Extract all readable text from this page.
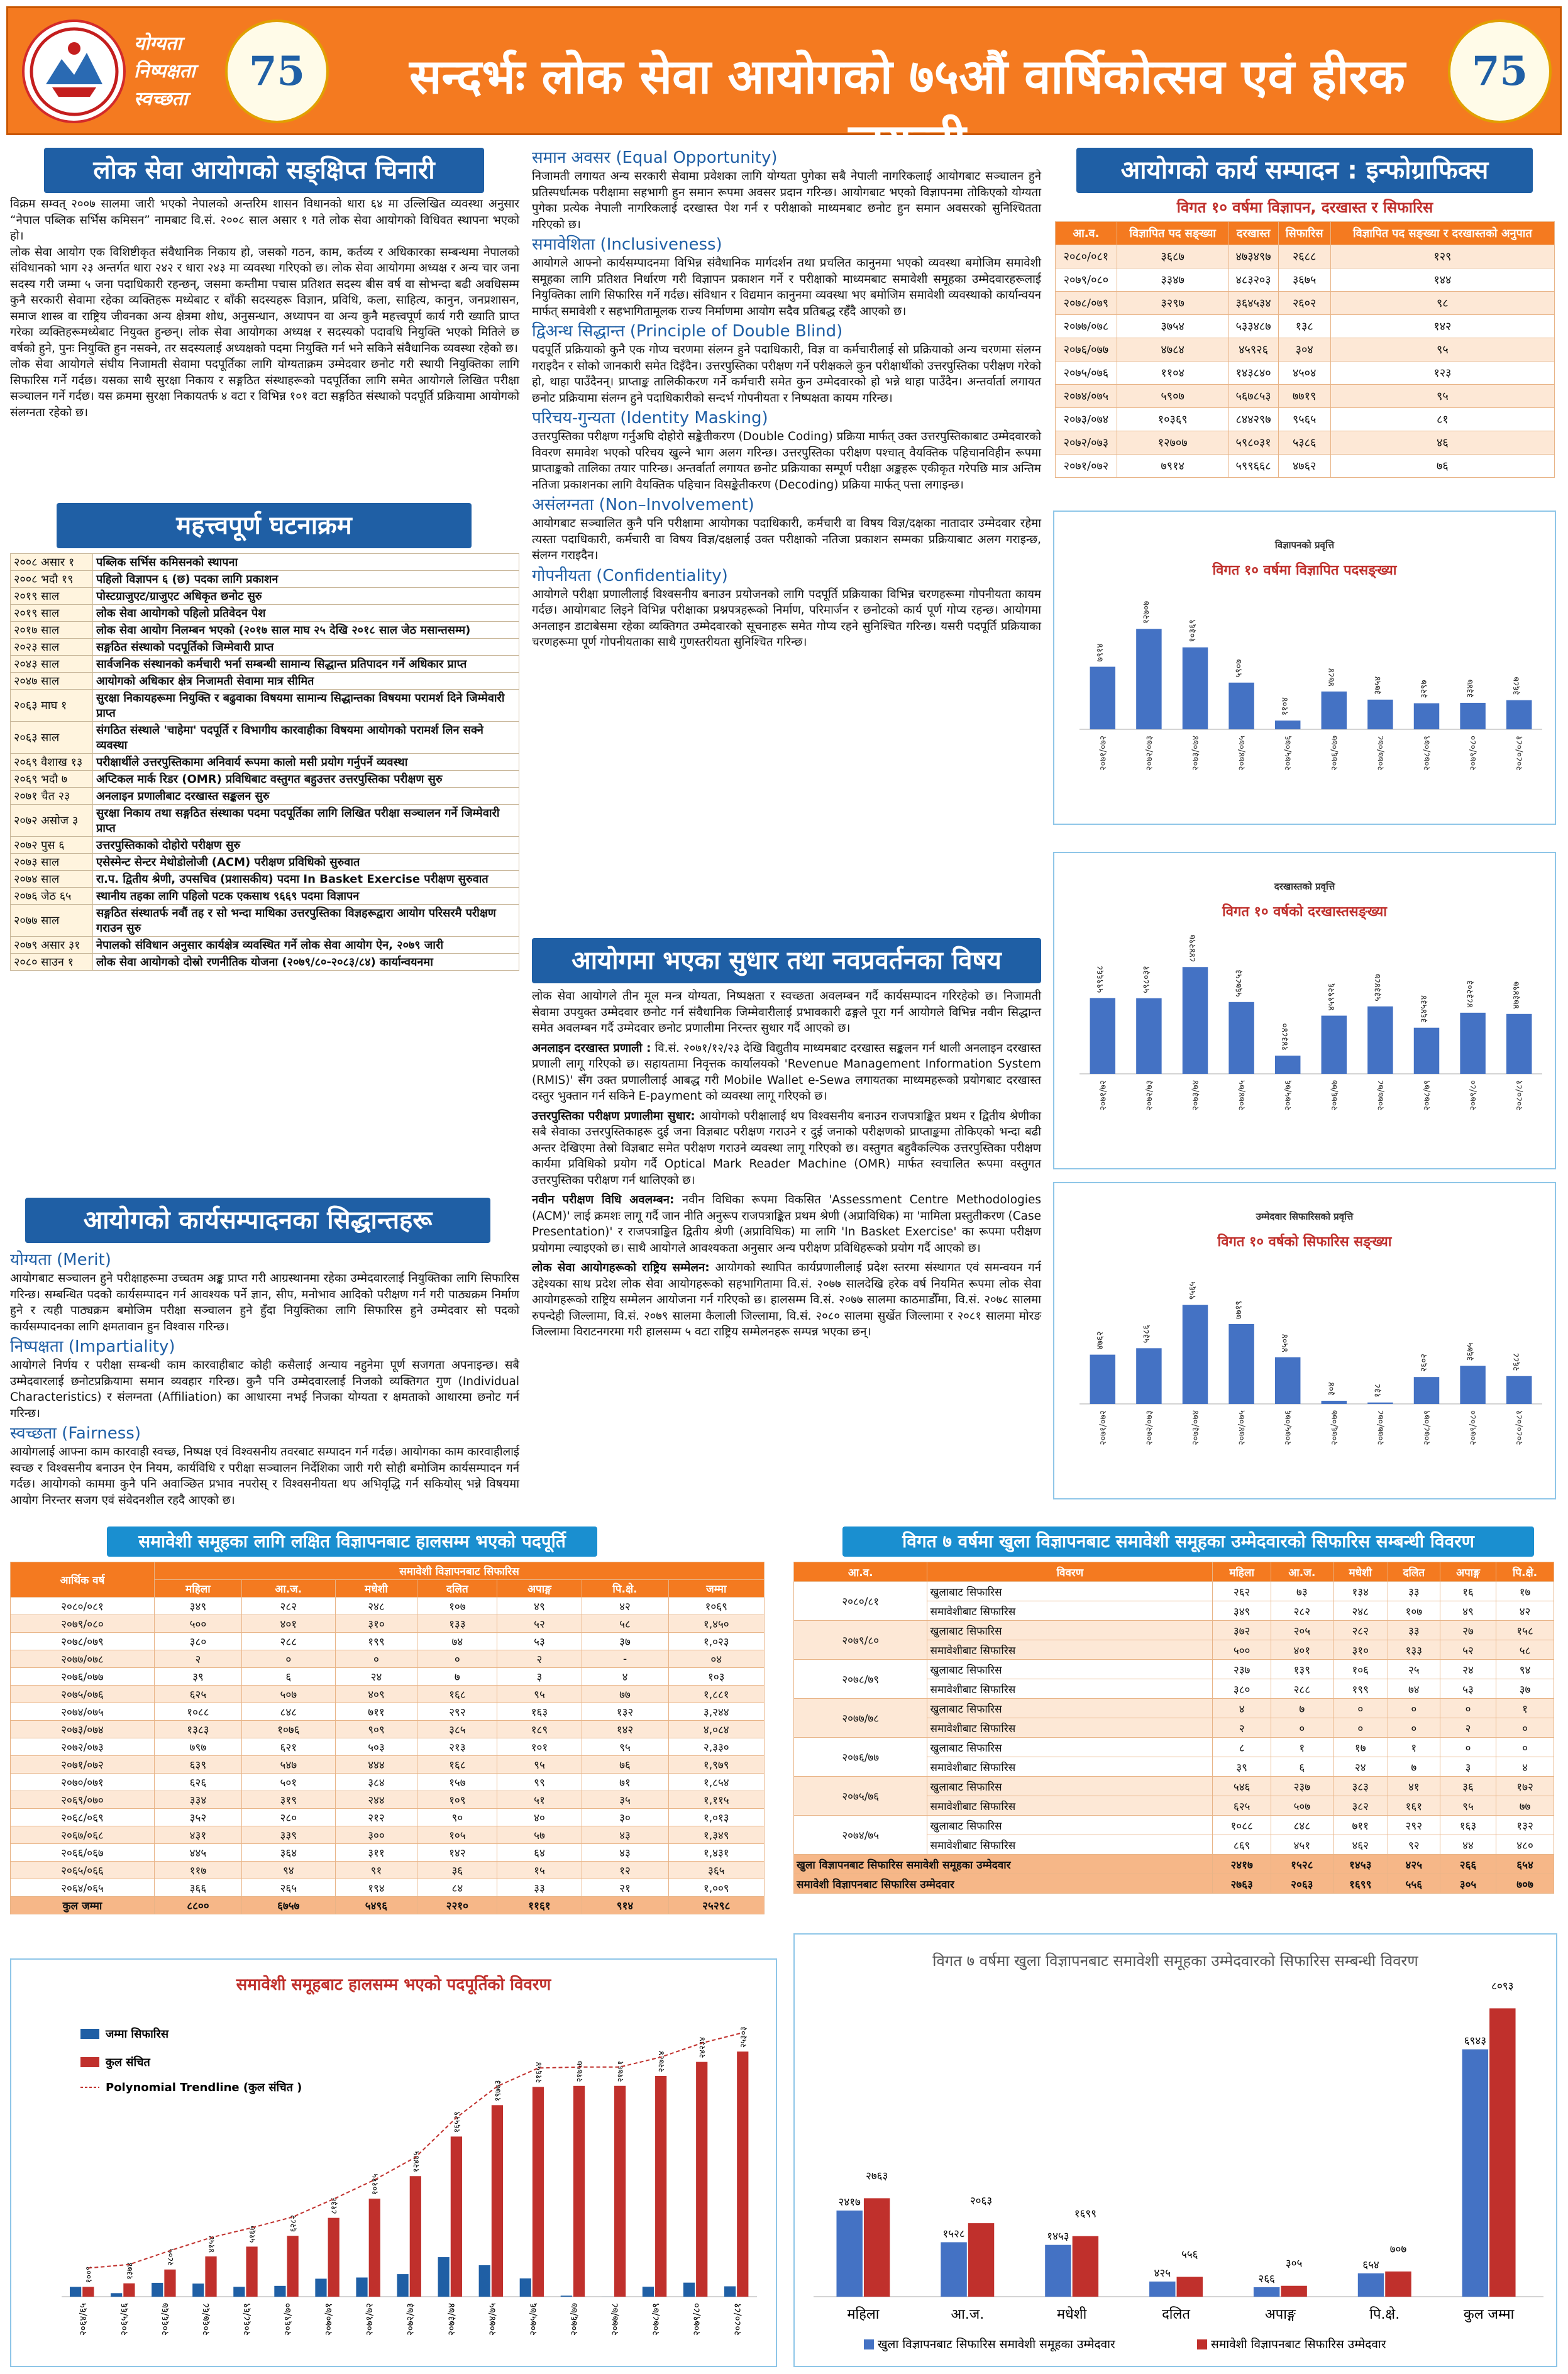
योग्यता
निष्पक्षता
स्वच्छता
75	सन्दर्भः लोक सेवा आयोगको ७५औं वार्षिकोत्सव एवं हीरक जयन्ती
75
लोक सेवा आयोगको सङ्क्षिप्त चिनारी

विक्रम सम्वत् २००७ सालमा जारी भएको नेपालको अन्तरिम शासन विधानको धारा ६४ मा उल्लिखित व्यवस्था अनुसार “नेपाल पब्लिक सर्भिस कमिसन” नामबाट वि.सं. २००८ साल असार १ गते लोक सेवा आयोगको विधिवत स्थापना भएको हो।

लोक सेवा आयोग एक विशिष्टीकृत संवैधानिक निकाय हो, जसको गठन, काम, कर्तव्य र अधिकारका सम्बन्धमा नेपालको संविधानको भाग २३ अन्तर्गत धारा २४२ र धारा २४३ मा व्यवस्था गरिएको छ। लोक सेवा आयोगमा अध्यक्ष र अन्य चार जना सदस्य गरी जम्मा ५ जना पदाधिकारी रहन्छन्, जसमा कम्तीमा पचास प्रतिशत सदस्य बीस वर्ष वा सोभन्दा बढी अवधिसम्म कुनै सरकारी सेवामा रहेका व्यक्तिहरू मध्येबाट र बाँकी सदस्यहरू विज्ञान, प्रविधि, कला, साहित्य, कानुन, जनप्रशासन, समाज शास्त्र वा राष्ट्रिय जीवनका अन्य क्षेत्रमा शोध, अनुसन्धान, अध्यापन वा अन्य कुनै महत्त्वपूर्ण कार्य गरी ख्याति प्राप्त गरेका व्यक्तिहरूमध्येबाट नियुक्त हुन्छन्। लोक सेवा आयोगका अध्यक्ष र सदस्यको पदावधि नियुक्ति भएको मितिले छ वर्षको हुने, पुनः नियुक्ति हुन नसक्ने, तर सदस्यलाई अध्यक्षको पदमा नियुक्ति गर्न भने सकिने संवैधानिक व्यवस्था रहेको छ।

लोक सेवा आयोगले संघीय निजामती सेवामा पदपूर्तिका लागि योग्यताक्रम उम्मेदवार छनोट गरी स्थायी नियुक्तिका लागि सिफारिस गर्ने गर्दछ। यसका साथै सुरक्षा निकाय र सङ्गठित संस्थाहरूको पदपूर्तिका लागि समेत आयोगले लिखित परीक्षा सञ्चालन गर्ने गर्दछ। यस क्रममा सुरक्षा निकायतर्फ ४ वटा र विभिन्न १०१ वटा सङ्गठित संस्थाको पदपूर्ति प्रक्रियामा आयोगको संलग्नता रहेको छ।

महत्त्वपूर्ण घटनाक्रम
२००८ असार १	पब्लिक सर्भिस कमिसनको स्थापना
२००८ भदौ १९	पहिलो विज्ञापन ६ (छ) पदका लागि प्रकाशन
२०१९ साल	पोस्टग्राजुएट/ग्राजुएट अधिकृत छनोट सुरु
२०१९ साल	लोक सेवा आयोगको पहिलो प्रतिवेदन पेश
२०१७ साल	लोक सेवा आयोग निलम्बन भएको (२०१७ साल माघ २५ देखि २०१८ साल जेठ मसान्तसम्म)
२०२३ साल	सङ्गठित संस्थाको पदपूर्तिको जिम्मेवारी प्राप्त
२०४३ साल	सार्वजनिक संस्थानको कर्मचारी भर्ना सम्बन्धी सामान्य सिद्धान्त प्रतिपादन गर्ने अधिकार प्राप्त
२०४७ साल	आयोगको अधिकार क्षेत्र निजामती सेवामा मात्र सीमित
२०६३ माघ १	सुरक्षा निकायहरूमा नियुक्ति र बढुवाका विषयमा सामान्य सिद्धान्तका विषयमा परामर्श दिने जिम्मेवारी प्राप्त
२०६३ साल	संगठित संस्थाले 'चाहेमा' पदपूर्ति र विभागीय कारवाहीका विषयमा आयोगको परामर्श लिन सक्ने व्यवस्था
२०६९ वैशाख १३	परीक्षार्थीले उत्तरपुस्तिकामा अनिवार्य रूपमा कालो मसी प्रयोग गर्नुपर्ने व्यवस्था
२०६९ भदौ ७	अप्टिकल मार्क रिडर (OMR) प्रविधिबाट वस्तुगत बहुउत्तर उत्तरपुस्तिका परीक्षण सुरु
२०७१ चैत २३	अनलाइन प्रणालीबाट दरखास्त सङ्कलन सुरु
२०७२ असोज ३	सुरक्षा निकाय तथा सङ्गठित संस्थाका पदमा पदपूर्तिका लागि लिखित परीक्षा सञ्चालन गर्ने जिम्मेवारी प्राप्त
२०७२ पुस ६	उत्तरपुस्तिकाको दोहोरो परीक्षण सुरु
२०७३ साल	एसेस्मेन्ट सेन्टर मेथोडोलोजी (ACM) परीक्षण प्रविधिको सुरुवात
२०७४ साल	रा.प. द्वितीय श्रेणी, उपसचिव (प्रशासकीय) पदमा In Basket Exercise परीक्षण सुरुवात
२०७६ जेठ ६५	स्थानीय तहका लागि पहिलो पटक एकसाथ ९६६९ पदमा विज्ञापन
२०७७ साल	सङ्गठित संस्थातर्फ नवौं तह र सो भन्दा माथिका उत्तरपुस्तिका विज्ञहरूद्वारा आयोग परिसरमै परीक्षण गराउन सुरु
२०७९ असार ३१	नेपालको संविधान अनुसार कार्यक्षेत्र व्यवस्थित गर्ने लोक सेवा आयोग ऐन, २०७९ जारी
२०८० साउन १	लोक सेवा आयोगको दोस्रो रणनीतिक योजना (२०७९/८०-२०८३/८४) कार्यान्वयनमा
आयोगको कार्यसम्पादनका सिद्धान्तहरू
योग्यता (Merit)

आयोगबाट सञ्चालन हुने परीक्षाहरूमा उच्चतम अङ्क प्राप्त गरी आग्रस्थानमा रहेका उम्मेदवारलाई नियुक्तिका लागि सिफारिस गरिन्छ। सम्बन्धित पदको कार्यसम्पादन गर्न आवश्यक पर्ने ज्ञान, सीप, मनोभाव आदिको परीक्षण गर्न गरी पाठ्यक्रम निर्माण हुने र त्यही पाठ्यक्रम बमोजिम परीक्षा सञ्चालन हुने हुँदा नियुक्तिका लागि सिफारिस हुने उम्मेदवार सो पदको कार्यसम्पादनका लागि क्षमतावान हुन विश्वास गरिन्छ।

निष्पक्षता (Impartiality)

आयोगले निर्णय र परीक्षा सम्बन्धी काम कारवाहीबाट कोही कसैलाई अन्याय नहुनेमा पूर्ण सजगता अपनाइन्छ। सबै उम्मेदवारलाई छनोटप्रक्रियामा समान व्यवहार गरिन्छ। कुनै पनि उम्मेदवारलाई निजको व्यक्तिगत गुण (Individual Characteristics) र संलग्नता (Affiliation) का आधारमा नभई निजका योग्यता र क्षमताको आधारमा छनोट गर्न गरिन्छ।

स्वच्छता (Fairness)

आयोगलाई आफ्ना काम कारवाही स्वच्छ, निष्पक्ष एवं विश्वसनीय तवरबाट सम्पादन गर्न गर्दछ। आयोगका काम कारवाहीलाई स्वच्छ र विश्वसनीय बनाउन ऐन नियम, कार्यविधि र परीक्षा सञ्चालन निर्देशिका जारी गरी सोही बमोजिम कार्यसम्पादन गर्न गर्दछ। आयोगको काममा कुनै पनि अवाञ्छित प्रभाव नपरोस् र विश्वसनीयता थप अभिवृद्धि गर्न सकियोस् भन्ने विषयमा आयोग निरन्तर सजग एवं संवेदनशील रहदै आएको छ।

समान अवसर (Equal Opportunity)

निजामती लगायत अन्य सरकारी सेवामा प्रवेशका लागि योग्यता पुगेका सबै नेपाली नागरिकलाई आयोगबाट सञ्चालन हुने प्रतिस्पर्धात्मक परीक्षामा सहभागी हुन समान रूपमा अवसर प्रदान गरिन्छ। आयोगबाट भएको विज्ञापनमा तोकिएको योग्यता पुगेका प्रत्येक नेपाली नागरिकलाई दरखास्त पेश गर्न र परीक्षाको माध्यमबाट छनोट हुन समान अवसरको सुनिश्चितता गरिएको छ।

समावेशिता (Inclusiveness)

आयोगले आफ्नो कार्यसम्पादनमा विभिन्न संवैधानिक मार्गदर्शन तथा प्रचलित कानुनमा भएको व्यवस्था बमोजिम समावेशी समूहका लागि प्रतिशत निर्धारण गरी विज्ञापन प्रकाशन गर्ने र परीक्षाको माध्यमबाट समावेशी समूहका उम्मेदवारहरूलाई नियुक्तिका लागि सिफारिस गर्ने गर्दछ। संविधान र विद्यमान कानुनमा व्यवस्था भए बमोजिम समावेशी व्यवस्थाको कार्यान्वयन मार्फत् समावेशी र सहभागितामूलक राज्य निर्माणमा आयोग सदैव प्रतिबद्ध रहँदै आएको छ।

द्विअन्ध सिद्धान्त (Principle of Double Blind)

पदपूर्ति प्रक्रियाको कुनै एक गोप्य चरणमा संलग्न हुने पदाधिकारी, विज्ञ वा कर्मचारीलाई सो प्रक्रियाको अन्य चरणमा संलग्न गराइदैन र सोको जानकारी समेत दिइँदैन। उत्तरपुस्तिका परीक्षण गर्ने परीक्षकले कुन परीक्षार्थीको उत्तरपुस्तिका परीक्षण गरेको हो, थाहा पाउँदैनन्। प्राप्ताङ्क तालिकीकरण गर्ने कर्मचारी समेत कुन उम्मेदवारको हो भन्ने थाहा पाउँदैन। अन्तर्वार्ता लगायत छनोट प्रक्रियामा संलग्न हुने पदाधिकारीको सन्दर्भ गोपनीयता र निष्पक्षता कायम गरिन्छ।

परिचय-गुन्यता (Identity Masking)

उत्तरपुस्तिका परीक्षण गर्नुअघि दोहोरो सङ्केतीकरण (Double Coding) प्रक्रिया मार्फत् उक्त उत्तरपुस्तिकाबाट उम्मेदवारको विवरण समावेश भएको परिचय खुल्ने भाग अलग गरिन्छ। उत्तरपुस्तिका परीक्षण पश्चात् वैयक्तिक पहिचानविहीन रूपमा प्राप्ताङ्कको तालिका तयार पारिन्छ। अन्तर्वार्ता लगायत छनोट प्रक्रियाका सम्पूर्ण परीक्षा अङ्कहरू एकीकृत गरेपछि मात्र अन्तिम नतिजा प्रकाशनका लागि वैयक्तिक पहिचान विसङ्केतीकरण (Decoding) प्रक्रिया मार्फत् पत्ता लगाइन्छ।

असंलग्नता (Non–Involvement)

आयोगबाट सञ्चालित कुनै पनि परीक्षामा आयोगका पदाधिकारी, कर्मचारी वा विषय विज्ञ/दक्षका नातादार उम्मेदवार रहेमा त्यस्ता पदाधिकारी, कर्मचारी वा विषय विज्ञ/दक्षलाई उक्त परीक्षाको नतिजा प्रकाशन सम्मका प्रक्रियाबाट अलग गराइन्छ, संलग्न गराइदैन।

गोपनीयता (Confidentiality)

आयोगले परीक्षा प्रणालीलाई विश्वसनीय बनाउन प्रयोजनको लागि पदपूर्ति प्रक्रियाका विभिन्न चरणहरूमा गोपनीयता कायम गर्दछ। आयोगबाट लिइने विभिन्न परीक्षाका प्रश्नपत्रहरूको निर्माण, परिमार्जन र छनोटको कार्य पूर्ण गोप्य रहन्छ। आयोगमा अनलाइन डाटाबेसमा रहेका व्यक्तिगत उम्मेदवारको सूचनाहरू समेत गोप्य रहने सुनिश्चित गरिन्छ। यसरी पदपूर्ति प्रक्रियाका चरणहरूमा पूर्ण गोपनीयताका साथै गुणस्तरीयता सुनिश्चित गरिन्छ।

आयोगमा भएका सुधार तथा नवप्रवर्तनका विषय

लोक सेवा आयोगले तीन मूल मन्त्र योग्यता, निष्पक्षता र स्वच्छता अवलम्बन गर्दै कार्यसम्पादन गरिरहेको छ। निजामती सेवामा उपयुक्त उम्मेदवार छनोट गर्न संवैधानिक जिम्मेवारीलाई प्रभावकारी ढङ्गले पूरा गर्न आयोगले विभिन्न नवीन सिद्धान्त समेत अवलम्बन गर्दै उम्मेदवार छनोट प्रणालीमा निरन्तर सुधार गर्दै आएको छ।

अनलाइन दरखास्त प्रणाली : वि.सं. २०७१/१२/२३ देखि विद्युतीय माध्यमबाट दरखास्त सङ्कलन गर्न थाली अनलाइन दरखास्त प्रणाली लागू गरिएको छ। सहायतामा निवृत्तक कार्यालयको 'Revenue Management Information System (RMIS)' सँग उक्त प्रणालीलाई आबद्ध गरी Mobile Wallet e-Sewa लगायतका माध्यमहरूको प्रयोगबाट दरखास्त दस्तुर भुक्तान गर्न सकिने E-payment को व्यवस्था लागू गरिएको छ।

उत्तरपुस्तिका परीक्षण प्रणालीमा सुधार: आयोगको परीक्षालाई थप विश्वसनीय बनाउन राजपत्राङ्कित प्रथम र द्वितीय श्रेणीका सबै सेवाका उत्तरपुस्तिकाहरू दुई जना विज्ञबाट परीक्षण गराउने र दुई जनाको परीक्षणको प्राप्ताङ्कमा तोकिएको भन्दा बढी अन्तर देखिएमा तेस्रो विज्ञबाट समेत परीक्षण गराउने व्यवस्था लागू गरिएको छ। वस्तुगत बहुवैकल्पिक उत्तरपुस्तिका परीक्षण कार्यमा प्रविधिको प्रयोग गर्दै Optical Mark Reader Machine (OMR) मार्फत स्वचालित रूपमा वस्तुगत उत्तरपुस्तिका परीक्षण गर्न थालिएको छ।

नवीन परीक्षण विधि अवलम्बन: नवीन विधिका रूपमा विकसित 'Assessment Centre Methodologies (ACM)' लाई क्रमशः लागू गर्दै जान नीति अनुरूप राजपत्राङ्कित प्रथम श्रेणी (अप्राविधिक) मा 'मामिला प्रस्तुतीकरण (Case Presentation)' र राजपत्राङ्कित द्वितीय श्रेणी (अप्राविधिक) मा लागि 'In Basket Exercise' का रूपमा परीक्षण प्रयोगमा ल्याइएको छ। साथै आयोगले आवश्यकता अनुसार अन्य परीक्षण प्रविधिहरूको प्रयोग गर्दै आएको छ।

लोक सेवा आयोगहरूको राष्ट्रिय सम्मेलन: आयोगको स्थापित कार्यप्रणालीलाई प्रदेश स्तरमा संस्थागत एवं समन्वयन गर्न उद्देश्यका साथ प्रदेश लोक सेवा आयोगहरूको सहभागितामा वि.सं. २०७७ सालदेखि हरेक वर्ष नियमित रूपमा लोक सेवा आयोगहरूको राष्ट्रिय सम्मेलन आयोजना गर्न गरिएको छ। हालसम्म वि.सं. २०७७ सालमा काठमाडौँमा, वि.सं. २०७८ सालमा रुपन्देही जिल्लामा, वि.सं. २०७९ सालमा कैलाली जिल्लामा, वि.सं. २०८० सालमा सुर्खेत जिल्लामा र २०८१ सालमा मोरङ जिल्लामा विराटनगरमा गरी हालसम्म ५ वटा राष्ट्रिय सम्मेलनहरू सम्पन्न भएका छन्।

आयोगको कार्य सम्पादन : इन्फोग्राफिक्स
विगत १० वर्षमा विज्ञापन, दरखास्त र सिफारिस
आ.व.	विज्ञापित पद सङ्ख्या	दरखास्त	सिफारिस	विज्ञापित पद सङ्ख्या र दरखास्तको अनुपात
२०८०/०८१	३६८७	४७३४९७	२६८८	१२९
२०७९/०८०	३३४७	४८३२०३	३६७५	१४४
२०७८/०७९	३२९७	३६४५३४	२६०२	९८
२०७७/०७८	३७५४	५३३४८७	१३८	१४२
२०७६/०७७	४७८४	४५९२६	३०४	९५
२०७५/०७६	११०४	१४३८४०	४५०४	१२३
२०७४/०७५	५९०७	५६७८५३	७७१९	९५
२०७३/०७४	१०३६९	८४४२९७	९५६५	८१
२०७२/०७३	१२७०७	५९८०३१	५३८६	४६
२०७१/०७२	७९१४	५९९६६८	४७६२	७६
विज्ञापनको प्रवृत्ति
विगत १० वर्षमा विज्ञापित पदसङ्ख्या
७९१४
२०७१/०७२
१२७०७
२०७२/०७३
१०३६९
२०७३/०७४
५९०७
२०७४/०७५
११०४
२०७५/०७६
४७८४
२०७६/०७७
३७५४
२०७७/०७८
३२९७
२०७८/०७९
३३४७
२०७९/०८०
३६८७
२०८०/०८१
दरखास्तको प्रवृत्ति
विगत १० वर्षको दरखास्तसङ्ख्या
५९९६६८
२०७१/७२
५९८०३१
२०७२/७३
८४४२९७
२०७३/७४
५६७८५३
२०७४/७५
१४३८४०
२०७५/७६
४५९९२६
२०७६/७७
५३३४८७
२०७७/७८
३६४५३४
२०७८/७९
४८३२०३
२०७९/८०
४७३४९७
२०८०/८१
उम्मेदवार सिफारिसको प्रवृत्ति
विगत १० वर्षको सिफारिस सङ्ख्या
४७६२
२०७१/०७२
५३८६
२०७२/०७३
९५६५
२०७३/०७४
७७१९
२०७४/०७५
४५०४
२०७५/०७६
३०४
२०७६/०७७
१३८
२०७७/०७८
२६०२
२०७८/०७९
३६७५
२०७९/०८०
२६८८
२०८०/०८१
समावेशी समूहका लागि लक्षित विज्ञापनबाट हालसम्म भएको पदपूर्ति
आर्थिक वर्ष	समावेशी विज्ञापनबाट सिफारिस						
	महिला	आ.ज.	मधेशी	दलित	अपाङ्ग	पि.क्षे.	जम्मा
२०८०/०८१	३४९	२८२	२४८	१०७	४९	४२	१०६९
२०७९/०८०	५००	४०१	३१०	१३३	५२	५८	१,४५०
२०७८/०७९	३८०	२८८	१९९	७४	५३	३७	१,०२३
२०७७/०७८	२	०	०	०	२	-	०४
२०७६/०७७	३९	६	२४	७	३	४	१०३
२०७५/०७६	६२५	५०७	४०९	१६८	९५	७७	१,८८१
२०७४/०७५	१०८८	८४८	७११	२९२	१६३	१३२	३,२४४
२०७३/०७४	१३८३	१०७६	९०९	३८५	१८९	१४२	४,०८४
२०७२/०७३	७९७	६२१	५०३	२१३	१०१	९५	२,३३०
२०७१/०७२	६३९	५४७	४४४	१६८	९५	७६	१,९७९
२०७०/०७१	६२६	५०१	३८४	१५७	९९	७१	१,८५४
२०६९/०७०	३३४	३१९	२४४	१०९	५१	३५	१,११५
२०६८/०६९	३५२	२८०	२१२	९०	४०	३०	१,०१३
२०६७/०६८	४३१	३३९	३००	१०५	५७	४३	१,३४९
२०६६/०६७	४४५	३६४	३११	१४२	६४	४३	१,४३१
२०६५/०६६	११७	९४	९१	३६	१५	१२	३६५
२०६४/०६५	३६६	२६५	१९४	८४	३३	२१	१,००९
कुल जम्मा	८८००	६७५७	५४९६	२२१०	११६१	९१४	२५२९८
विगत ७ वर्षमा खुला विज्ञापनबाट समावेशी समूहका उम्मेदवारको सिफारिस सम्बन्धी विवरण
आ.व.	विवरण	महिला	आ.ज.	मधेशी	दलित	अपाङ्ग	पि.क्षे.
२०८०/८१	खुलाबाट सिफारिस	२६२	७३	१३४	३३	१६	१७
	समावेशीबाट सिफारिस	३४९	२८२	२४८	१०७	४९	४२
२०७९/८०	खुलाबाट सिफारिस	३७२	२०५	२८२	३३	२७	१५८
	समावेशीबाट सिफारिस	५००	४०१	३१०	१३३	५२	५८
२०७८/७९	खुलाबाट सिफारिस	२३७	१३९	१०६	२५	२४	९४
	समावेशीबाट सिफारिस	३८०	२८८	१९९	७४	५३	३७
२०७७/७८	खुलाबाट सिफारिस	४	७	०	०	०	१
	समावेशीबाट सिफारिस	२	०	०	०	२	०
२०७६/७७	खुलाबाट सिफारिस	८	१	१७	१	०	०
	समावेशीबाट सिफारिस	३९	६	२४	७	३	४
२०७५/७६	खुलाबाट सिफारिस	५४६	२३७	३८३	४१	३६	१७२
	समावेशीबाट सिफारिस	६२५	५०७	३८२	१६१	९५	७७
२०७४/७५	खुलाबाट सिफारिस	१०८८	८४८	७११	२९२	१६३	१३२
	समावेशीबाट सिफारिस	८६९	४५१	४६२	९२	४४	४८०
खुला विज्ञापनबाट सिफारिस समावेशी समूहका उम्मेदवार		२४१७	१५२८	१४५३	४२५	२६६	६५४
समावेशी विज्ञापनबाट सिफारिस उम्मेदवार		२७६३	२०६३	१६९९	५५६	३०५	७०७
समावेशी समूहबाट हालसम्म भएको पदपूर्तिको विवरण
जम्मा सिफारिस
कुल संचित
Polynomial Trendline (कुल संचित )
१००९
२०६४/६५
१३७४
२०६५/६६
२८०५
२०६६/६७
४१५४
२०६७/६८
५१६७
२०६८/६९
६२८२
२०६९/७०
८१३६
२०७०/७१
१०११५
२०७१/७२
१२४४५
२०७२/७३
१६५२९
२०७३/७४
१९७७३
२०७४/७५
२१६५४
२०७५/७६
२१७५७
२०७६/७७
२१७६१
२०७७/७८
२२७८४
२०७८/७९
२४२३४
२०७९/८०
२५३०३
२०८०/८१
विगत ७ वर्षमा खुला विज्ञापनबाट समावेशी समूहका उम्मेदवारको सिफारिस सम्बन्धी विवरण
२४१७
२७६३
महिला
१५२८
२०६३
आ.ज.
१४५३
१६९९
मधेशी
४२५
५५६
दलित
२६६
३०५
अपाङ्ग
६५४
७०७
पि.क्षे.
६९४३
८०९३
कुल जम्मा
खुला विज्ञापनबाट सिफारिस समावेशी समूहका उम्मेदवार	समावेशी विज्ञापनबाट सिफारिस उम्मेदवार
